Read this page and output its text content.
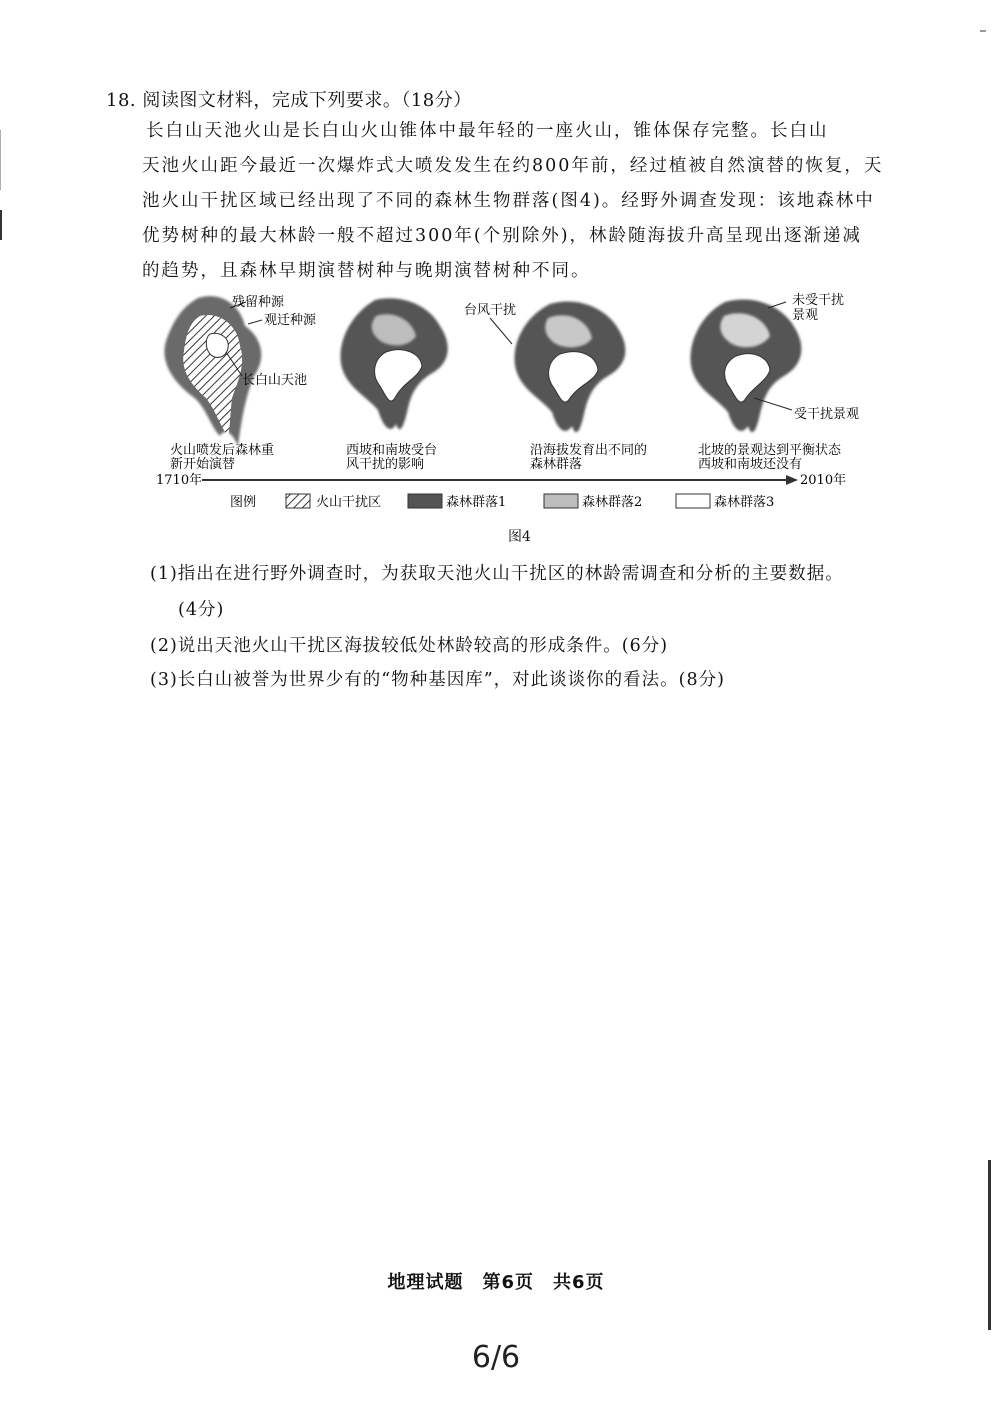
18. 阅读图文材料，完成下列要求。（18分）
长白山天池火山是长白山火山锥体中最年轻的一座火山，锥体保存完整。长白山
天池火山距今最近一次爆炸式大喷发发生在约800年前，经过植被自然演替的恢复，天
池火山干扰区域已经出现了不同的森林生物群落(图4)。经野外调查发现：该地森林中
优势树种的最大林龄一般不超过300年(个别除外)，林龄随海拔升高呈现出逐渐递减
的趋势，且森林早期演替树种与晚期演替树种不同。
残留种源
观迁种源
长白山天池
台风干扰
未受干扰
景观
受干扰景观
火山喷发后森林重
新开始演替
西坡和南坡受台
风干扰的影响
沿海拔发育出不同的
森林群落
北坡的景观达到平衡状态
西坡和南坡还没有
1710年	2010年
图例	火山干扰区	森林群落1	森林群落2	森林群落3
图4
(1)指出在进行野外调查时，为获取天池火山干扰区的林龄需调查和分析的主要数据。
(4分)
(2)说出天池火山干扰区海拔较低处林龄较高的形成条件。(6分)
(3)长白山被誉为世界少有的“物种基因库”，对此谈谈你的看法。(8分)
地理试题　第6页　共6页
6/6
